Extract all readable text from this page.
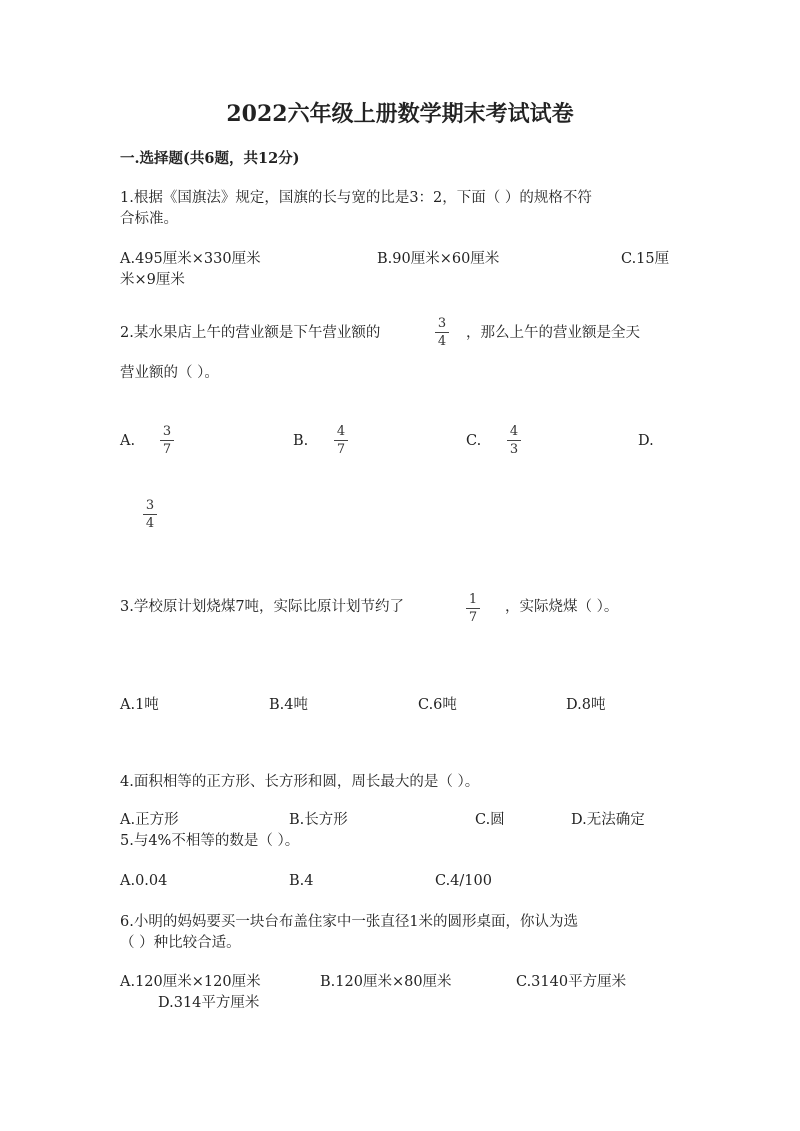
2022六年级上册数学期末考试试卷
一.选择题(共6题，共12分)
1.根据《国旗法》规定，国旗的长与宽的比是3：2，下面（ ）的规格不符
合标准。
A.495厘米×330厘米	B.90厘米×60厘米	C.15厘
米×9厘米
2.某水果店上午的营业额是下午营业额的
3
4
，那么上午的营业额是全天
营业额的（ ）。
A.
3
7
B.
4
7
C.
4
3
D.
3
4
3.学校原计划烧煤7吨，实际比原计划节约了	1
7
，实际烧煤（ ）。
A.1吨	B.4吨	C.6吨	D.8吨
4.面积相等的正方形、长方形和圆，周长最大的是（ ）。
A.正方形	B.长方形	C.圆	D.无法确定
5.与4%不相等的数是（ ）。
A.0.04	B.4	C.4/100
6.小明的妈妈要买一块台布盖住家中一张直径1米的圆形桌面，你认为选
（ ）种比较合适。
A.120厘米×120厘米	B.120厘米×80厘米	C.3140平方厘米
D.314平方厘米
